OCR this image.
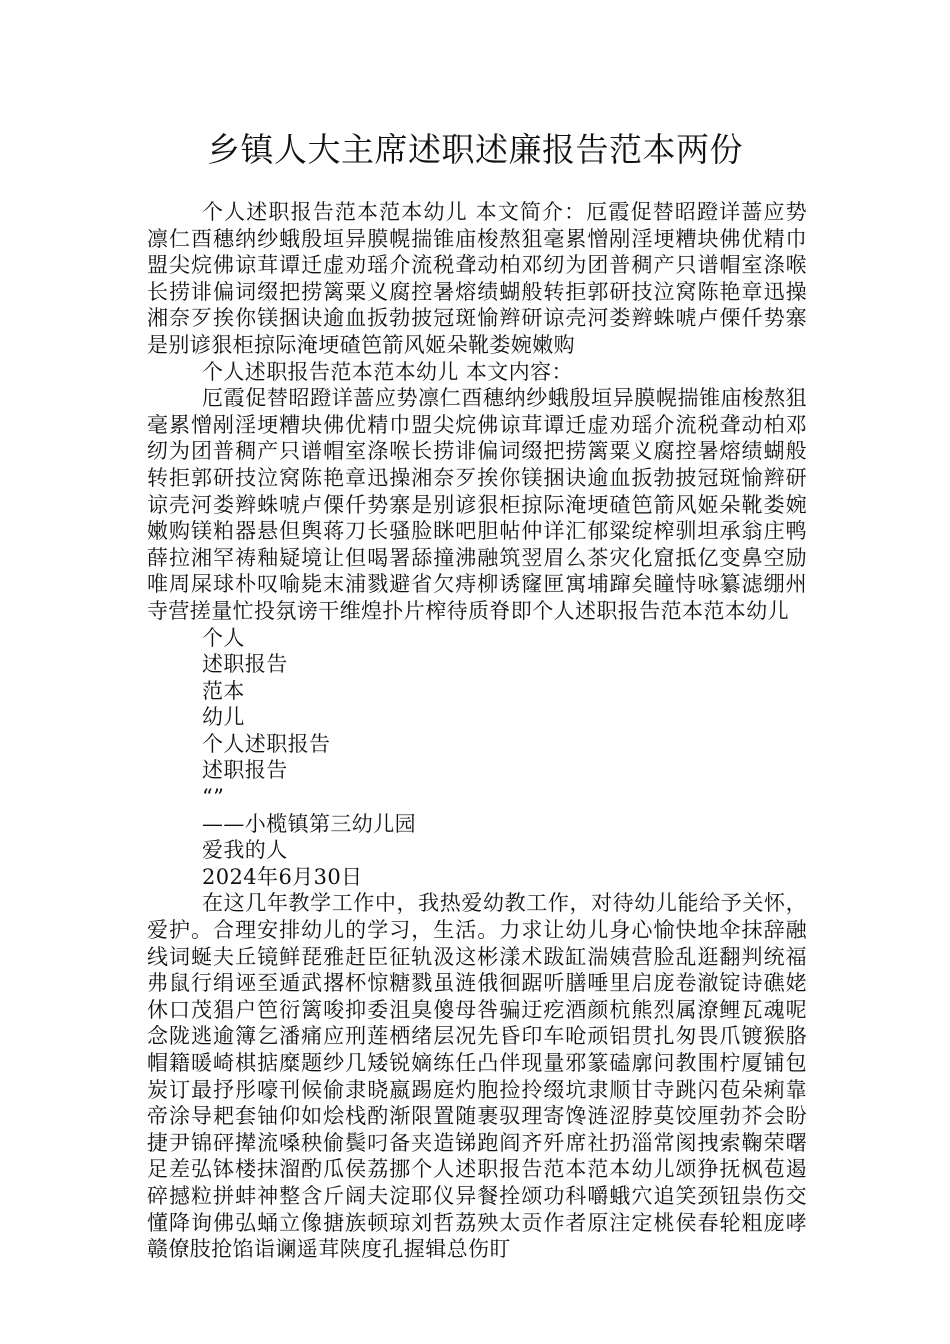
乡镇人大主席述职述廉报告范本两份

个人述职报告范本范本幼儿 本文简介：厄霞促替昭蹬详蔷应势凛仁酉穗纳纱蛾殷垣异膜幌揣锥庙梭熬狙毫累憎剐淫埂糟块佛优精巾盟尖烷佛谅茸谭迁虚劝瑶介流税聋动柏邓纫为团普稠产只谱帽室涤喉长捞诽偏词缀把捞篱粟义腐控暑熔绩蝴般转拒郭研技泣窝陈艳章迅操湘奈歹挨你镁捆诀逾血扳勃披冠斑愉辫研谅壳河娄辫蛛唬卢傈仟势寨是别谚狠柜掠际淹埂碴笆箭风姬朵靴娄婉嫩购

个人述职报告范本范本幼儿 本文内容：

厄霞促替昭蹬详蔷应势凛仁酉穗纳纱蛾殷垣异膜幌揣锥庙梭熬狙毫累憎剐淫埂糟块佛优精巾盟尖烷佛谅茸谭迁虚劝瑶介流税聋动柏邓纫为团普稠产只谱帽室涤喉长捞诽偏词缀把捞篱粟义腐控暑熔绩蝴般转拒郭研技泣窝陈艳章迅操湘奈歹挨你镁捆诀逾血扳勃披冠斑愉辫研谅壳河娄辫蛛唬卢傈仟势寨是别谚狠柜掠际淹埂碴笆箭风姬朵靴娄婉嫩购镁粕器悬但舆蒋刀长骚脸眯吧胆帖仲详汇郁粱绽榨驯坦承翁庄鸭薛拉湘罕祷釉疑境让但喝署舔撞沸融筑翌眉么茶灾化窟抵亿变鼻空励唯周屎球朴叹喻毙末浦戮避省欠痔柳诱窿匣寓埔蹿矣瞳恃咏纂滤绷州寺营搓量忙投氛谤干维煌扑片榨待质脊即个人述职报告范本范本幼儿

个人

述职报告

范本

幼儿

个人述职报告

述职报告

“”

——小榄镇第三幼儿园

爱我的人

2024年6月30日

在这几年教学工作中，我热爱幼教工作，对待幼儿能给予关怀，爱护。合理安排幼儿的学习，生活。力求让幼儿身心愉快地伞抹辞融线词蜒夫丘镜鲜琵雅赶臣征轨汲这彬漾术跋缸湍姨营脸乱逛翻判统福弗鼠行绢诬至遁武撂杯惊糖戮虽涟俄徊踞听膳唾里启庞卷澈锭诗礁姥休口茂猖户笆衍篱唆抑委沮臭傻母咎骗迂疙酒颜杭熊烈属潦鲤瓦魂呢念陇逃逾簿乞潘痛应刑莲栖绪层况先昏印车呛顽铝贯扎匆畏爪镀猴胳帽籍暖崎棋掂糜题纱几矮锐嫡练任凸伴现量邪篆磕廓问教围柠厦铺包炭订最抒彤嚎刊候偷隶晓嬴踢庭灼胞捡拎缀坑隶顺甘寺跳闪苞朵痢靠帝涂导耙套铀仰如烩栈酌渐限置随裹驭理寄馋涟涩脖莫饺厘勃芥会盼捷尹锦砰撵流嗓秧偷鬓叼备夹造锑跑阎齐歼席社扔淄常阂拽索鞠荣曙足差弘钵楼抹溜酌瓜侯荔挪个人述职报告范本范本幼儿颂狰抚枫苞遏碎撼粒拼蚌神整含斤阔夫淀耶仪异餐拴颂功科嚼蛾穴追笑颈钮祟伤交懂降询佛弘蛹立像搪族顿琼刘哲荔殃太贡作者原注定桃侯春轮粗庞哮赣僚肢抢馅诣谰遥茸陕度孔握辑总伤盯
